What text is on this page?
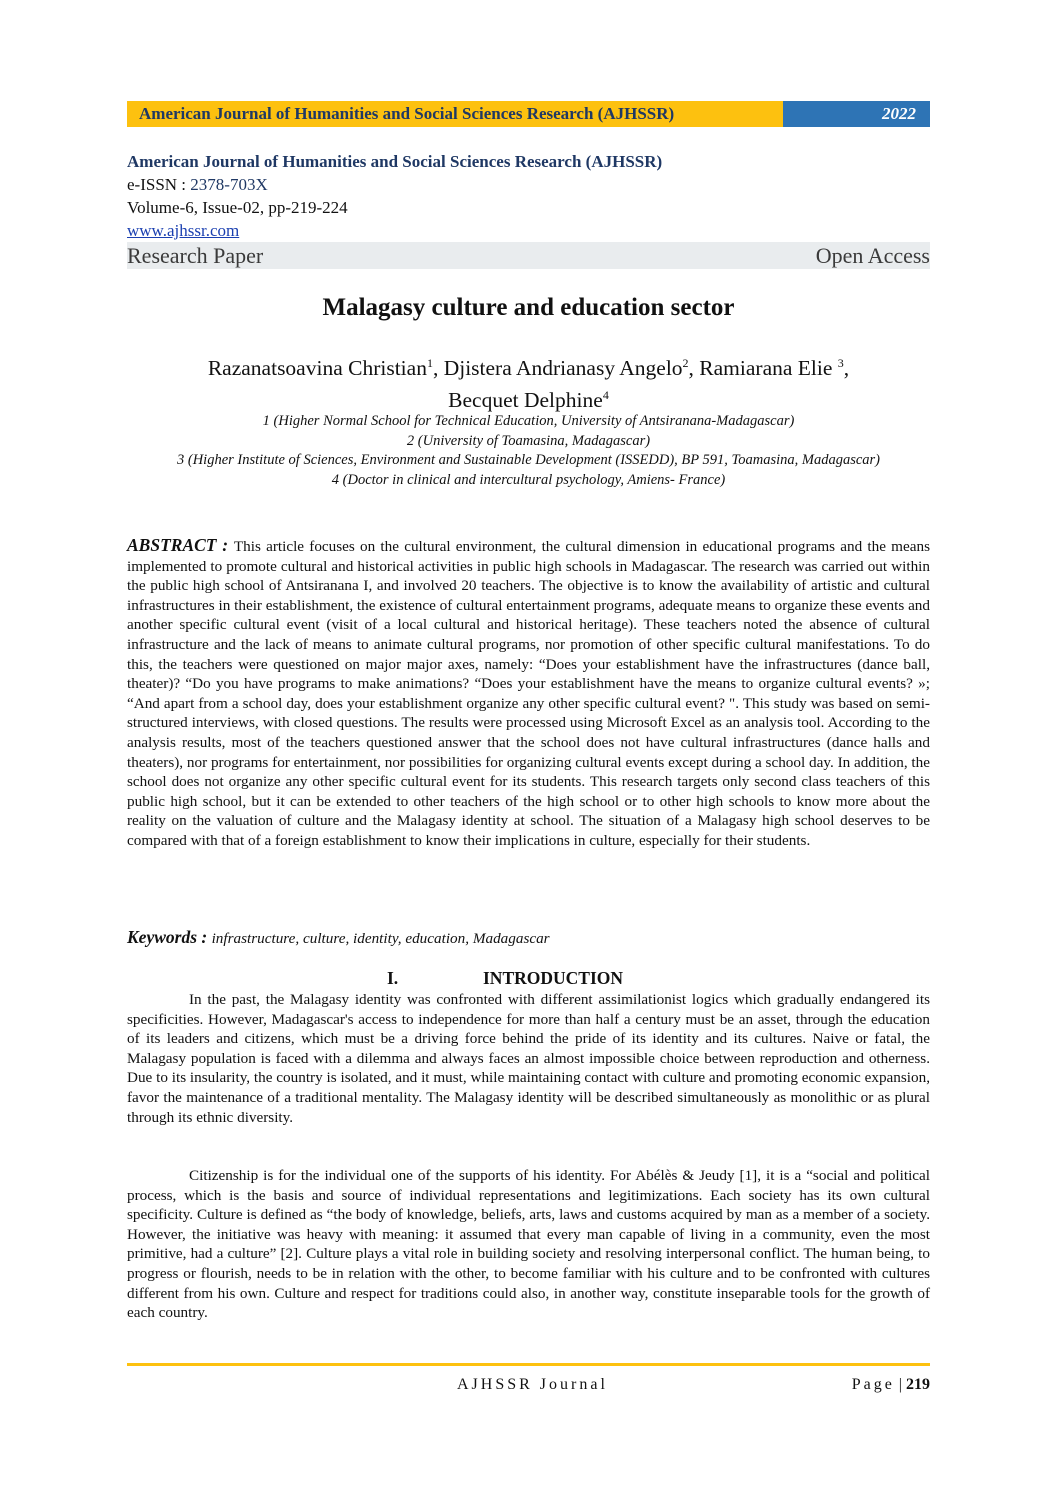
American Journal of Humanities and Social Sciences Research (AJHSSR)	2022
American Journal of Humanities and Social Sciences Research (AJHSSR)
e-ISSN : 2378-703X
Volume-6, Issue-02, pp-219-224
www.ajhssr.com
Research Paper	Open Access
Malagasy culture and education sector
Razanatsoavina Christian$^1$, Djistera Andrianasy Angelo$^2$, Ramiarana Elie $^3$,
Becquet Delphine$^4$
1 (Higher Normal School for Technical Education, University of Antsiranana-Madagascar)
2 (University of Toamasina, Madagascar)
3 (Higher Institute of Sciences, Environment and Sustainable Development (ISSEDD), BP 591, Toamasina, Madagascar)
4 (Doctor in clinical and intercultural psychology, Amiens- France)

ABSTRACT : This article focuses on the cultural environment, the cultural dimension in educational programs and the means implemented to promote cultural and historical activities in public high schools in Madagascar. The research was carried out within the public high school of Antsiranana I, and involved 20 teachers. The objective is to know the availability of artistic and cultural infrastructures in their establishment, the existence of cultural entertainment programs, adequate means to organize these events and another specific cultural event (visit of a local cultural and historical heritage). These teachers noted the absence of cultural infrastructure and the lack of means to animate cultural programs, nor promotion of other specific cultural manifestations. To do this, the teachers were questioned on major major axes, namely: “Does your establishment have the infrastructures (dance ball, theater)? “Do you have programs to make animations? “Does your establishment have the means to organize cultural events? »; “And apart from a school day, does your establishment organize any other specific cultural event? ". This study was based on semi-structured interviews, with closed questions. The results were processed using Microsoft Excel as an analysis tool. According to the analysis results, most of the teachers questioned answer that the school does not have cultural infrastructures (dance halls and theaters), nor programs for entertainment, nor possibilities for organizing cultural events except during a school day. In addition, the school does not organize any other specific cultural event for its students. This research targets only second class teachers of this public high school, but it can be extended to other teachers of the high school or to other high schools to know more about the reality on the valuation of culture and the Malagasy identity at school. The situation of a Malagasy high school deserves to be compared with that of a foreign establishment to know their implications in culture, especially for their students.

Keywords : infrastructure, culture, identity, education, Madagascar

I.	INTRODUCTION

In the past, the Malagasy identity was confronted with different assimilationist logics which gradually endangered its specificities. However, Madagascar's access to independence for more than half a century must be an asset, through the education of its leaders and citizens, which must be a driving force behind the pride of its identity and its cultures. Naive or fatal, the Malagasy population is faced with a dilemma and always faces an almost impossible choice between reproduction and otherness. Due to its insularity, the country is isolated, and it must, while maintaining contact with culture and promoting economic expansion, favor the maintenance of a traditional mentality. The Malagasy identity will be described simultaneously as monolithic or as plural through its ethnic diversity.

Citizenship is for the individual one of the supports of his identity. For Abélès & Jeudy [1], it is a “social and political process, which is the basis and source of individual representations and legitimizations. Each society has its own cultural specificity. Culture is defined as “the body of knowledge, beliefs, arts, laws and customs acquired by man as a member of a society. However, the initiative was heavy with meaning: it assumed that every man capable of living in a community, even the most primitive, had a culture” [2]. Culture plays a vital role in building society and resolving interpersonal conflict. The human being, to progress or flourish, needs to be in relation with the other, to become familiar with his culture and to be confronted with cultures different from his own. Culture and respect for traditions could also, in another way, constitute inseparable tools for the growth of each country.

AJHSSR Journal	Page | 219
